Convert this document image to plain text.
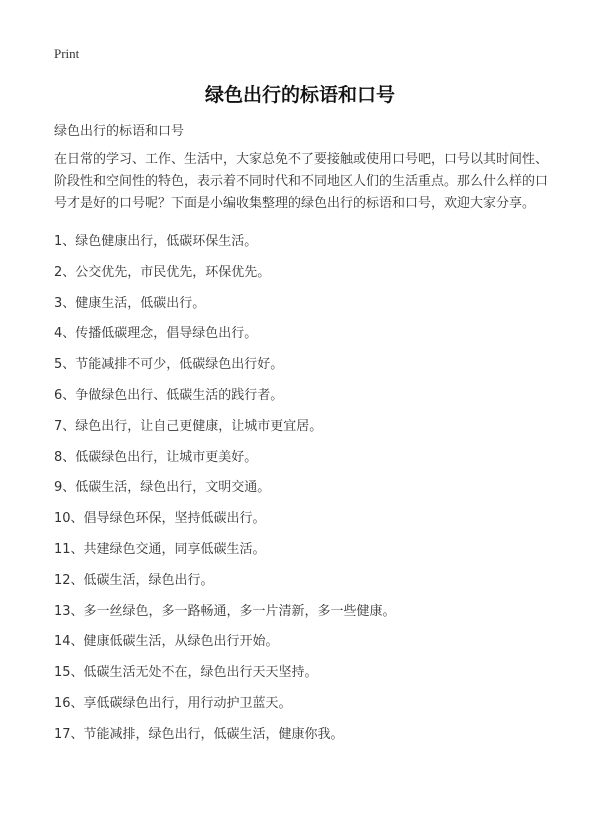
Print
绿色出行的标语和口号
绿色出行的标语和口号

在日常的学习、工作、生活中，大家总免不了要接触或使用口号吧，口号以其时间性、阶段性和空间性的特色，表示着不同时代和不同地区人们的生活重点。那么什么样的口号才是好的口号呢？下面是小编收集整理的绿色出行的标语和口号，欢迎大家分享。

1、绿色健康出行，低碳环保生活。
2、公交优先，市民优先，环保优先。
3、健康生活，低碳出行。
4、传播低碳理念，倡导绿色出行。
5、节能减排不可少，低碳绿色出行好。
6、争做绿色出行、低碳生活的践行者。
7、绿色出行，让自己更健康，让城市更宜居。
8、低碳绿色出行，让城市更美好。
9、低碳生活，绿色出行，文明交通。
10、倡导绿色环保，坚持低碳出行。
11、共建绿色交通，同享低碳生活。
12、低碳生活，绿色出行。
13、多一丝绿色，多一路畅通，多一片清新，多一些健康。
14、健康低碳生活，从绿色出行开始。
15、低碳生活无处不在，绿色出行天天坚持。
16、享低碳绿色出行，用行动护卫蓝天。
17、节能减排，绿色出行，低碳生活，健康你我。
